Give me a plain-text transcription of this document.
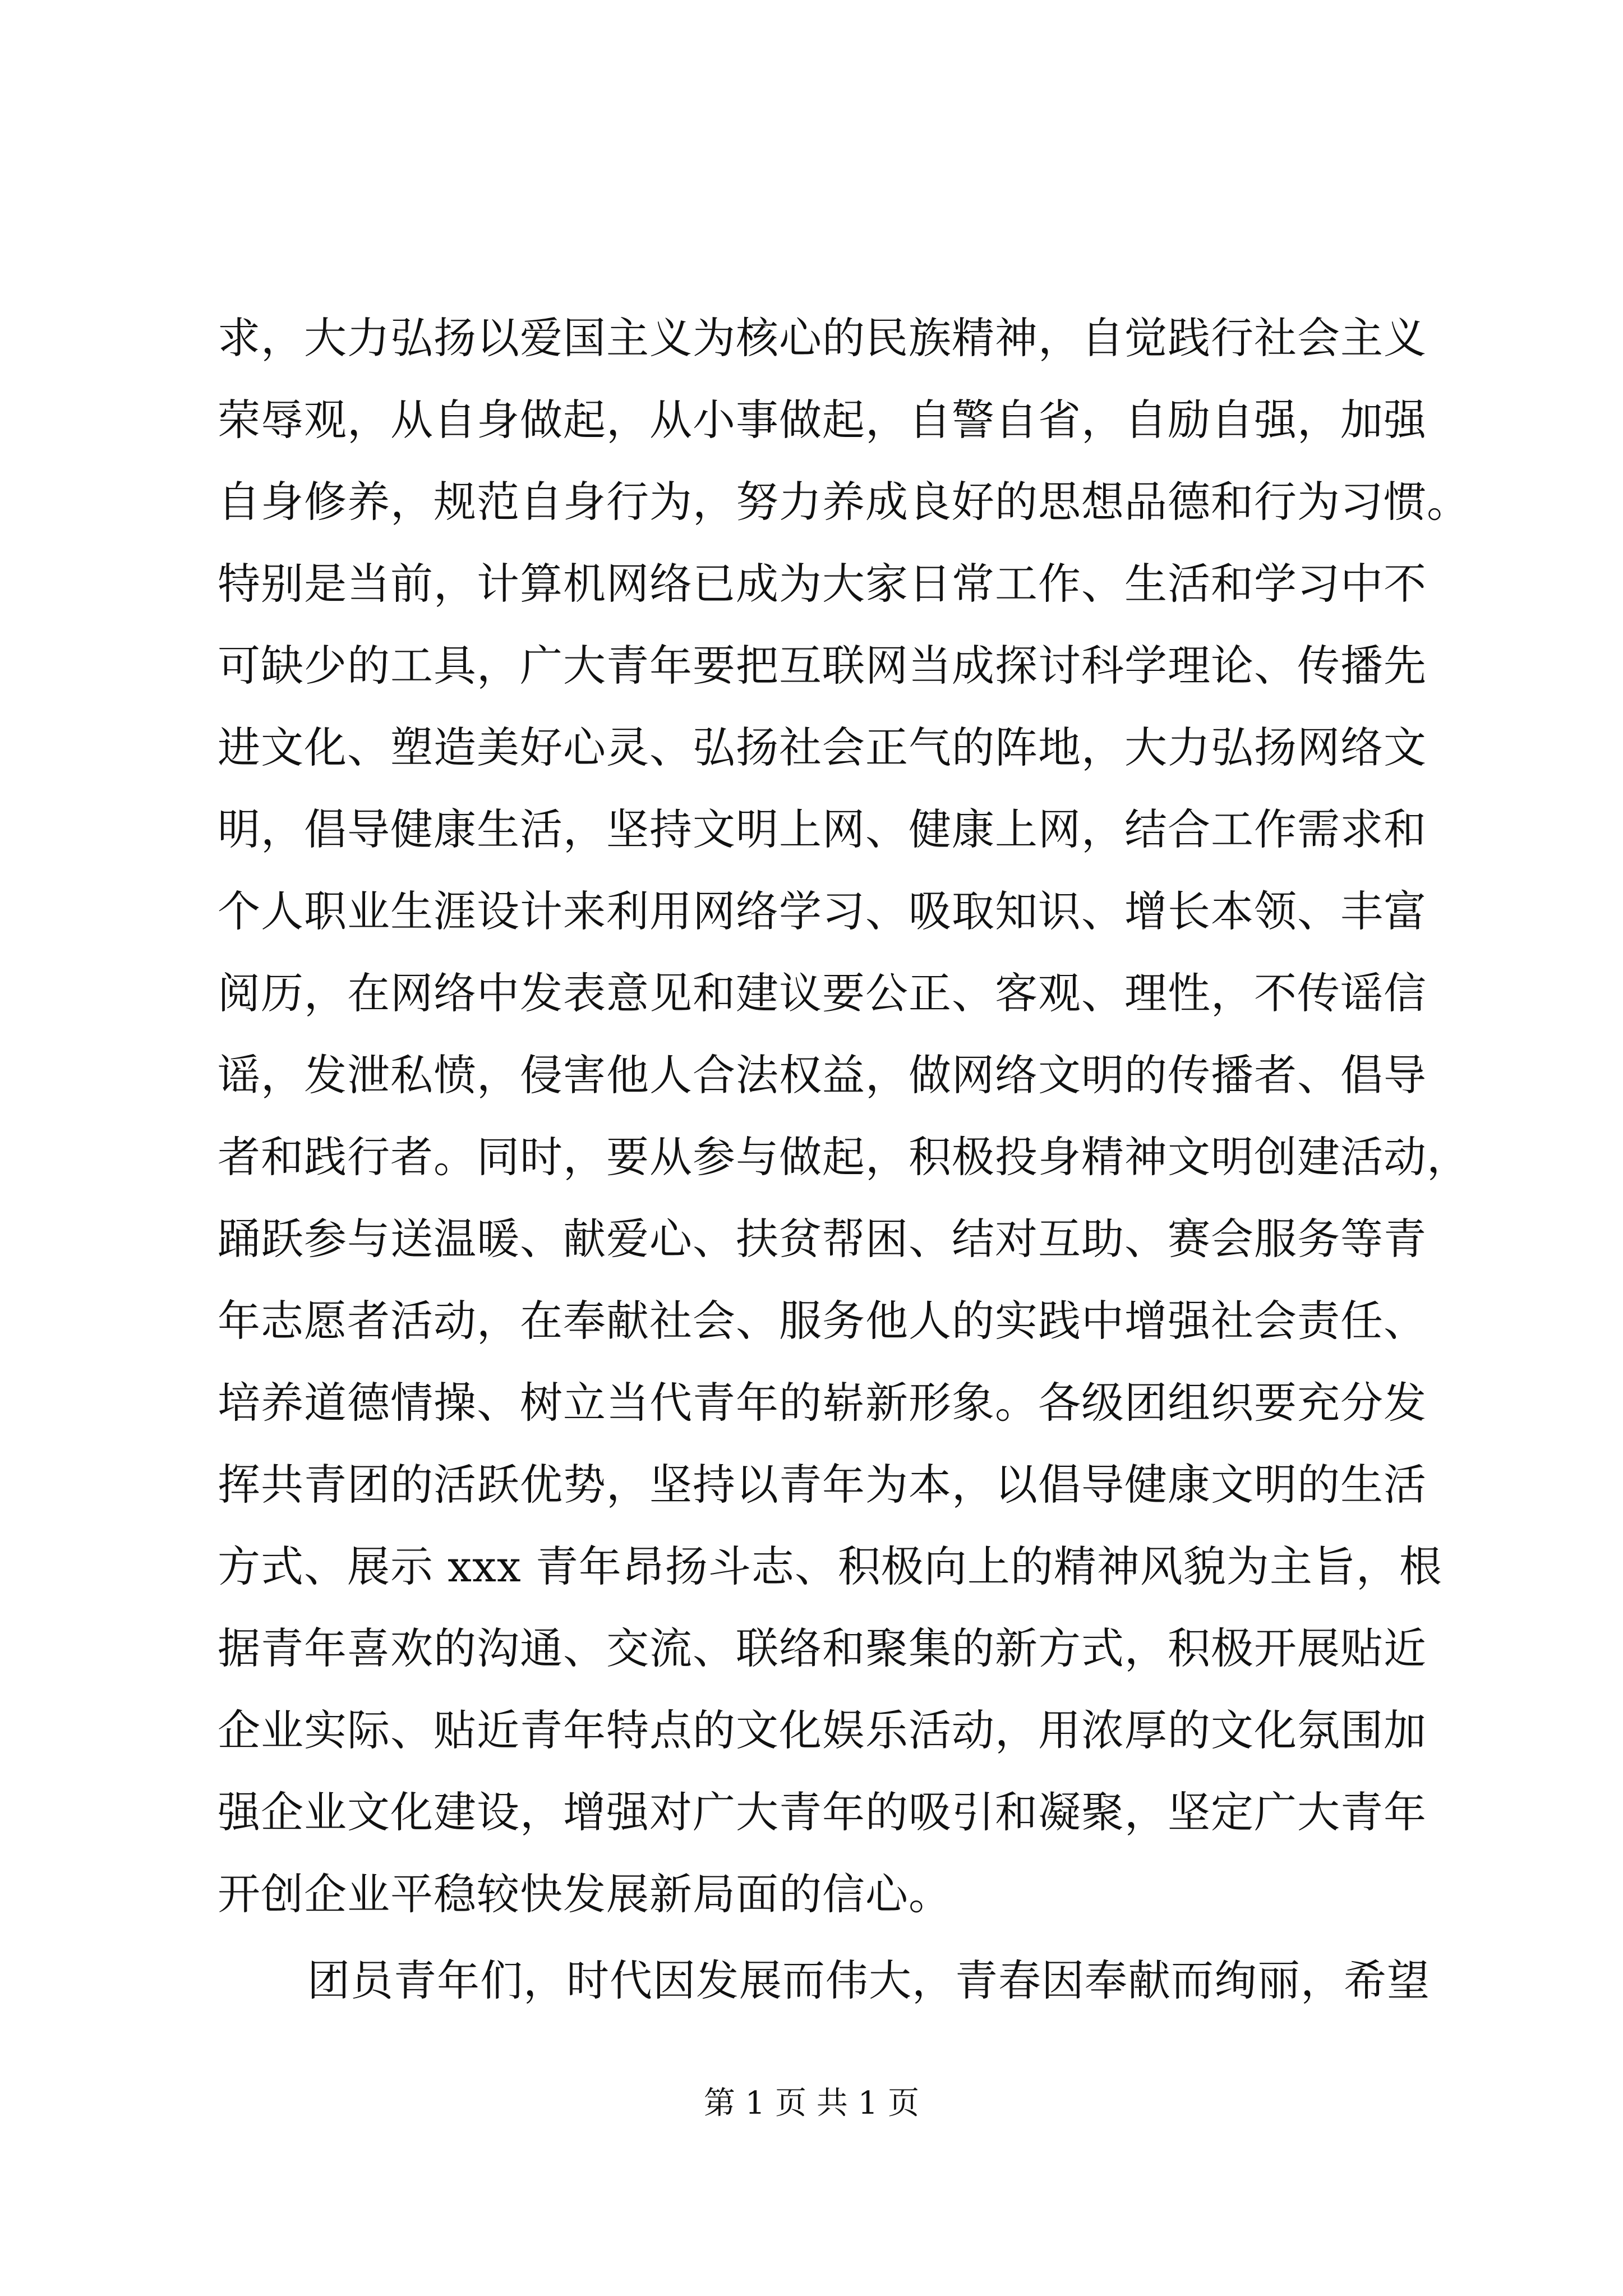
求，大力弘扬以爱国主义为核心的民族精神，自觉践行社会主义
荣辱观，从自身做起，从小事做起，自警自省，自励自强，加强
自身修养，规范自身行为，努力养成良好的思想品德和行为习惯。
特别是当前，计算机网络已成为大家日常工作、生活和学习中不
可缺少的工具，广大青年要把互联网当成探讨科学理论、传播先
进文化、塑造美好心灵、弘扬社会正气的阵地，大力弘扬网络文
明，倡导健康生活，坚持文明上网、健康上网，结合工作需求和
个人职业生涯设计来利用网络学习、吸取知识、增长本领、丰富
阅历，在网络中发表意见和建议要公正、客观、理性，不传谣信
谣，发泄私愤，侵害他人合法权益，做网络文明的传播者、倡导
者和践行者。同时，要从参与做起，积极投身精神文明创建活动，
踊跃参与送温暖、献爱心、扶贫帮困、结对互助、赛会服务等青
年志愿者活动，在奉献社会、服务他人的实践中增强社会责任、
培养道德情操、树立当代青年的崭新形象。各级团组织要充分发
挥共青团的活跃优势，坚持以青年为本，以倡导健康文明的生活
方式、展示 xxx 青年昂扬斗志、积极向上的精神风貌为主旨，根
据青年喜欢的沟通、交流、联络和聚集的新方式，积极开展贴近
企业实际、贴近青年特点的文化娱乐活动，用浓厚的文化氛围加
强企业文化建设，增强对广大青年的吸引和凝聚，坚定广大青年
开创企业平稳较快发展新局面的信心。
团员青年们，时代因发展而伟大，青春因奉献而绚丽，希望
第 1 页 共 1 页
